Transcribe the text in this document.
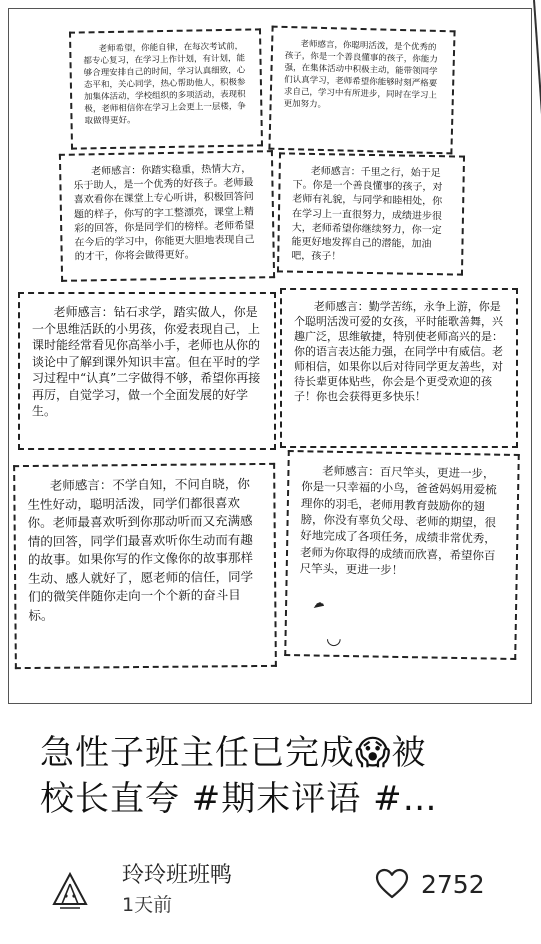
老师希望，你能自律，在每次考试前，都专心复习，在学习上作计划，有计划，能够合理安排自己的时间，学习认真细致，心态平和，关心同学，热心帮助他人，积极参加集体活动，学校组织的多项活动，表现积极，老师相信你在学习上会更上一层楼，争取做得更好。

老师感言，你聪明活泼，是个优秀的孩子，你是一个善良懂事的孩子，你能力强，在集体活动中积极主动，能带领同学们认真学习，老师希望你能够时刻严格要求自己，学习中有所进步，同时在学习上更加努力。

老师感言：你踏实稳重，热情大方，乐于助人，是一个优秀的好孩子。老师最喜欢看你在课堂上专心听讲，积极回答问题的样子，你写的字工整漂亮，课堂上精彩的回答，你是同学们的榜样。老师希望在今后的学习中，你能更大胆地表现自己的才干，你将会做得更好。

老师感言：千里之行，始于足下。你是一个善良懂事的孩子，对老师有礼貌，与同学和睦相处，你在学习上一直很努力，成绩进步很大，老师希望你继续努力，你一定能更好地发挥自己的潜能，加油吧，孩子！

老师感言：钻石求学，踏实做人，你是一个思维活跃的小男孩，你爱表现自己，上课时能经常看见你高举小手，老师也从你的谈论中了解到课外知识丰富。但在平时的学习过程中“认真”二字做得不够，希望你再接再厉，自觉学习，做一个全面发展的好学生。

老师感言：勤学苦练，永争上游，你是个聪明活泼可爱的女孩，平时能歌善舞，兴趣广泛，思维敏捷，特别使老师高兴的是：你的语言表达能力强，在同学中有威信。老师相信，如果你以后对待同学更友善些，对待长辈更体贴些，你会是个更受欢迎的孩子！你也会获得更多快乐！

老师感言：不学自知，不问自晓，你生性好动，聪明活泼，同学们都很喜欢你。老师最喜欢听到你那动听而又充满感情的回答，同学们最喜欢听你生动而有趣的故事。如果你写的作文像你的故事那样生动、感人就好了，愿老师的信任，同学们的微笑伴随你走向一个个新的奋斗目标。

老师感言：百尺竿头，更进一步，你是一只幸福的小鸟，爸爸妈妈用爱梳理你的羽毛，老师用教育鼓励你的翅膀，你没有辜负父母、老师的期望，很好地完成了各项任务，成绩非常优秀，老师为你取得的成绩而欣喜，希望你百尺竿头，更进一步！

◡
☁
急性子班主任已完成😱被
校长直夸 #期末评语 #…
玲玲班班鸭
1天前
2752
